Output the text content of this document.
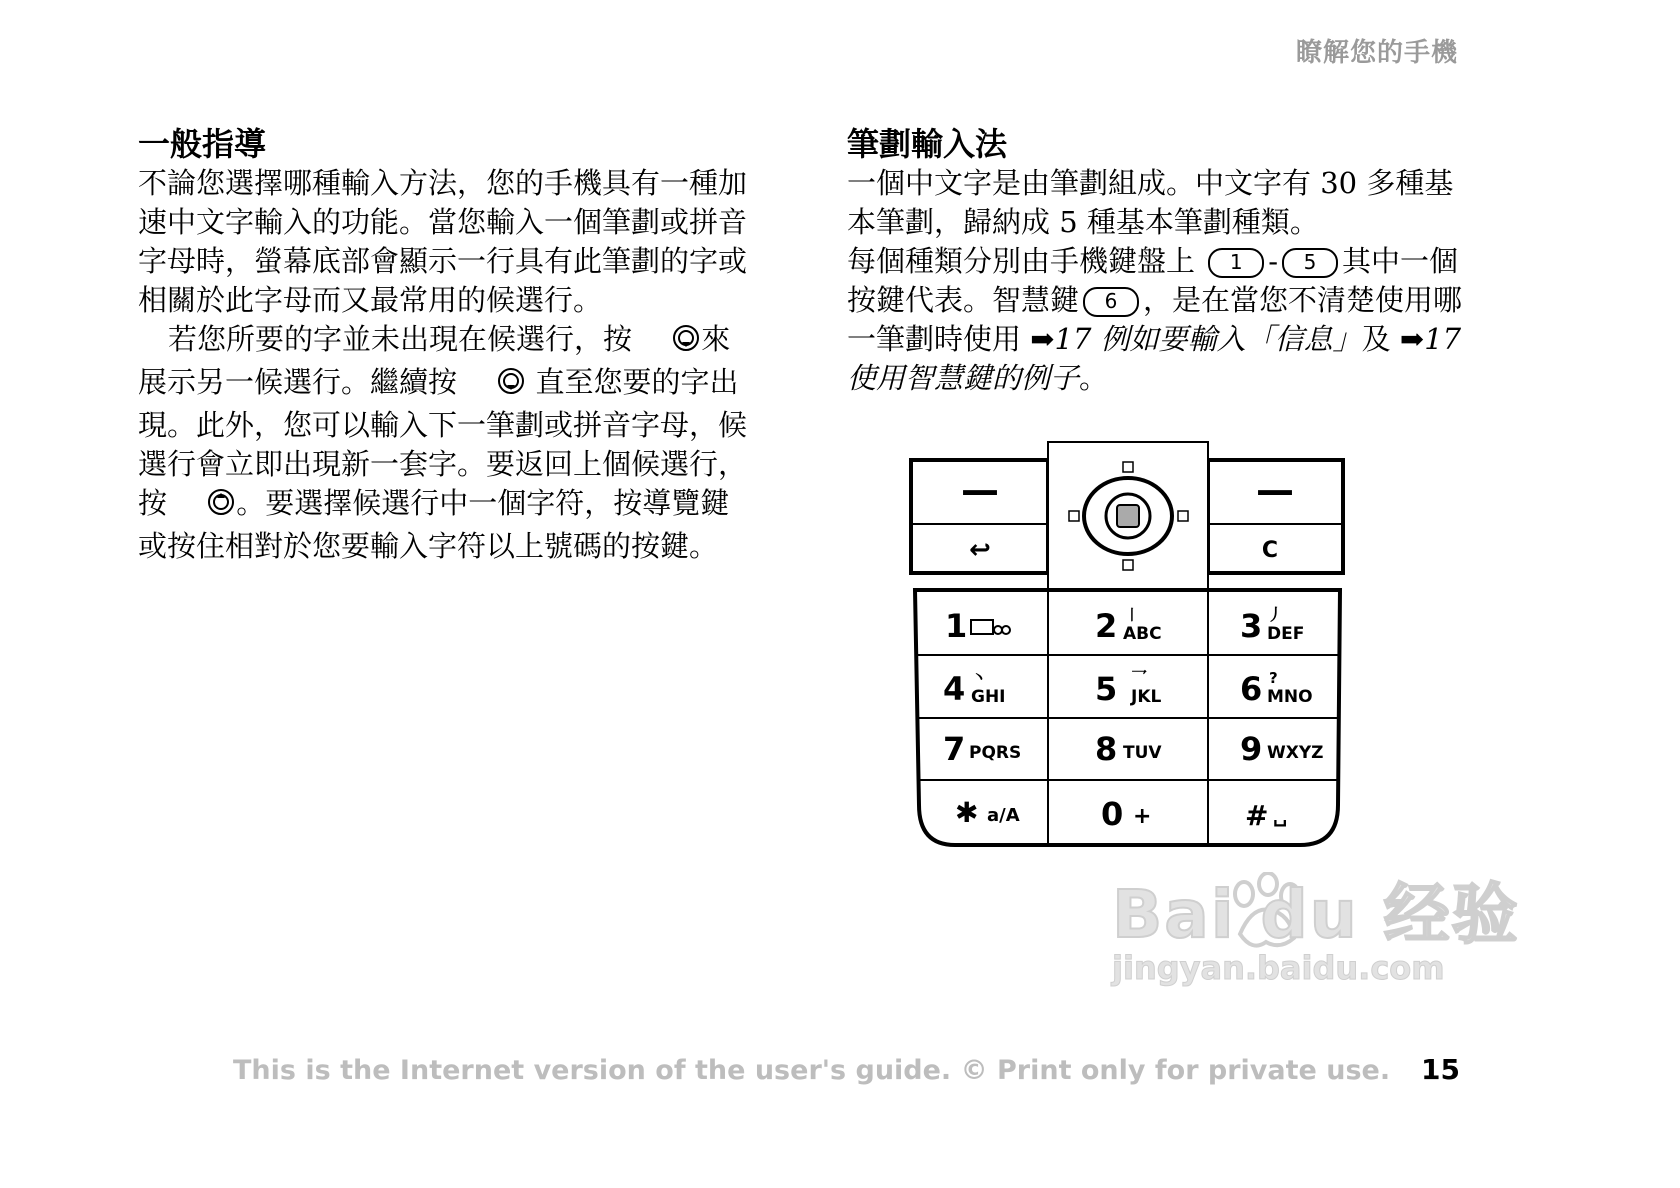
瞭解您的手機
一般指導

不論您選擇哪種輸入方法，您的手機具有一種加速中文字輸入的功能。當您輸入一個筆劃或拼音字母時，螢幕底部會顯示一行具有此筆劃的字或相關於此字母而又最常用的候選行。

若您所要的字並未出現在候選行，按 來展示另一候選行。繼續按	直至您要的字出現。此外，您可以輸入下一筆劃或拼音字母，候選行會立即出現新一套字。要返回上個候選行，按 。要選擇候選行中一個字符，按導覽鍵或按住相對於您要輸入字符以上號碼的按鍵。

筆劃輸入法

一個中文字是由筆劃組成。中文字有 30 多種基本筆劃，歸納成 5 種基本筆劃種類。

每個種類分別由手機鍵盤上 1 - 5 其中一個按鍵代表。智慧鍵 6 ，是在當您不清楚使用哪一筆劃時使用 ➡17 例如要輸入「信息」及 ➡17 使用智慧鍵的例子。

—
↩
—
C
1	2 丨
ABC 3 丿
DEF
4 丶
GHI	5 乛
JKL 6 ?
MNO
7 PQRS 8 TUV 9 WXYZ
✱ a/A	0 +	# ␣
Bai du 经验
jingyan.baidu.com
This is the Internet version of the user's guide. © Print only for private use. 15
